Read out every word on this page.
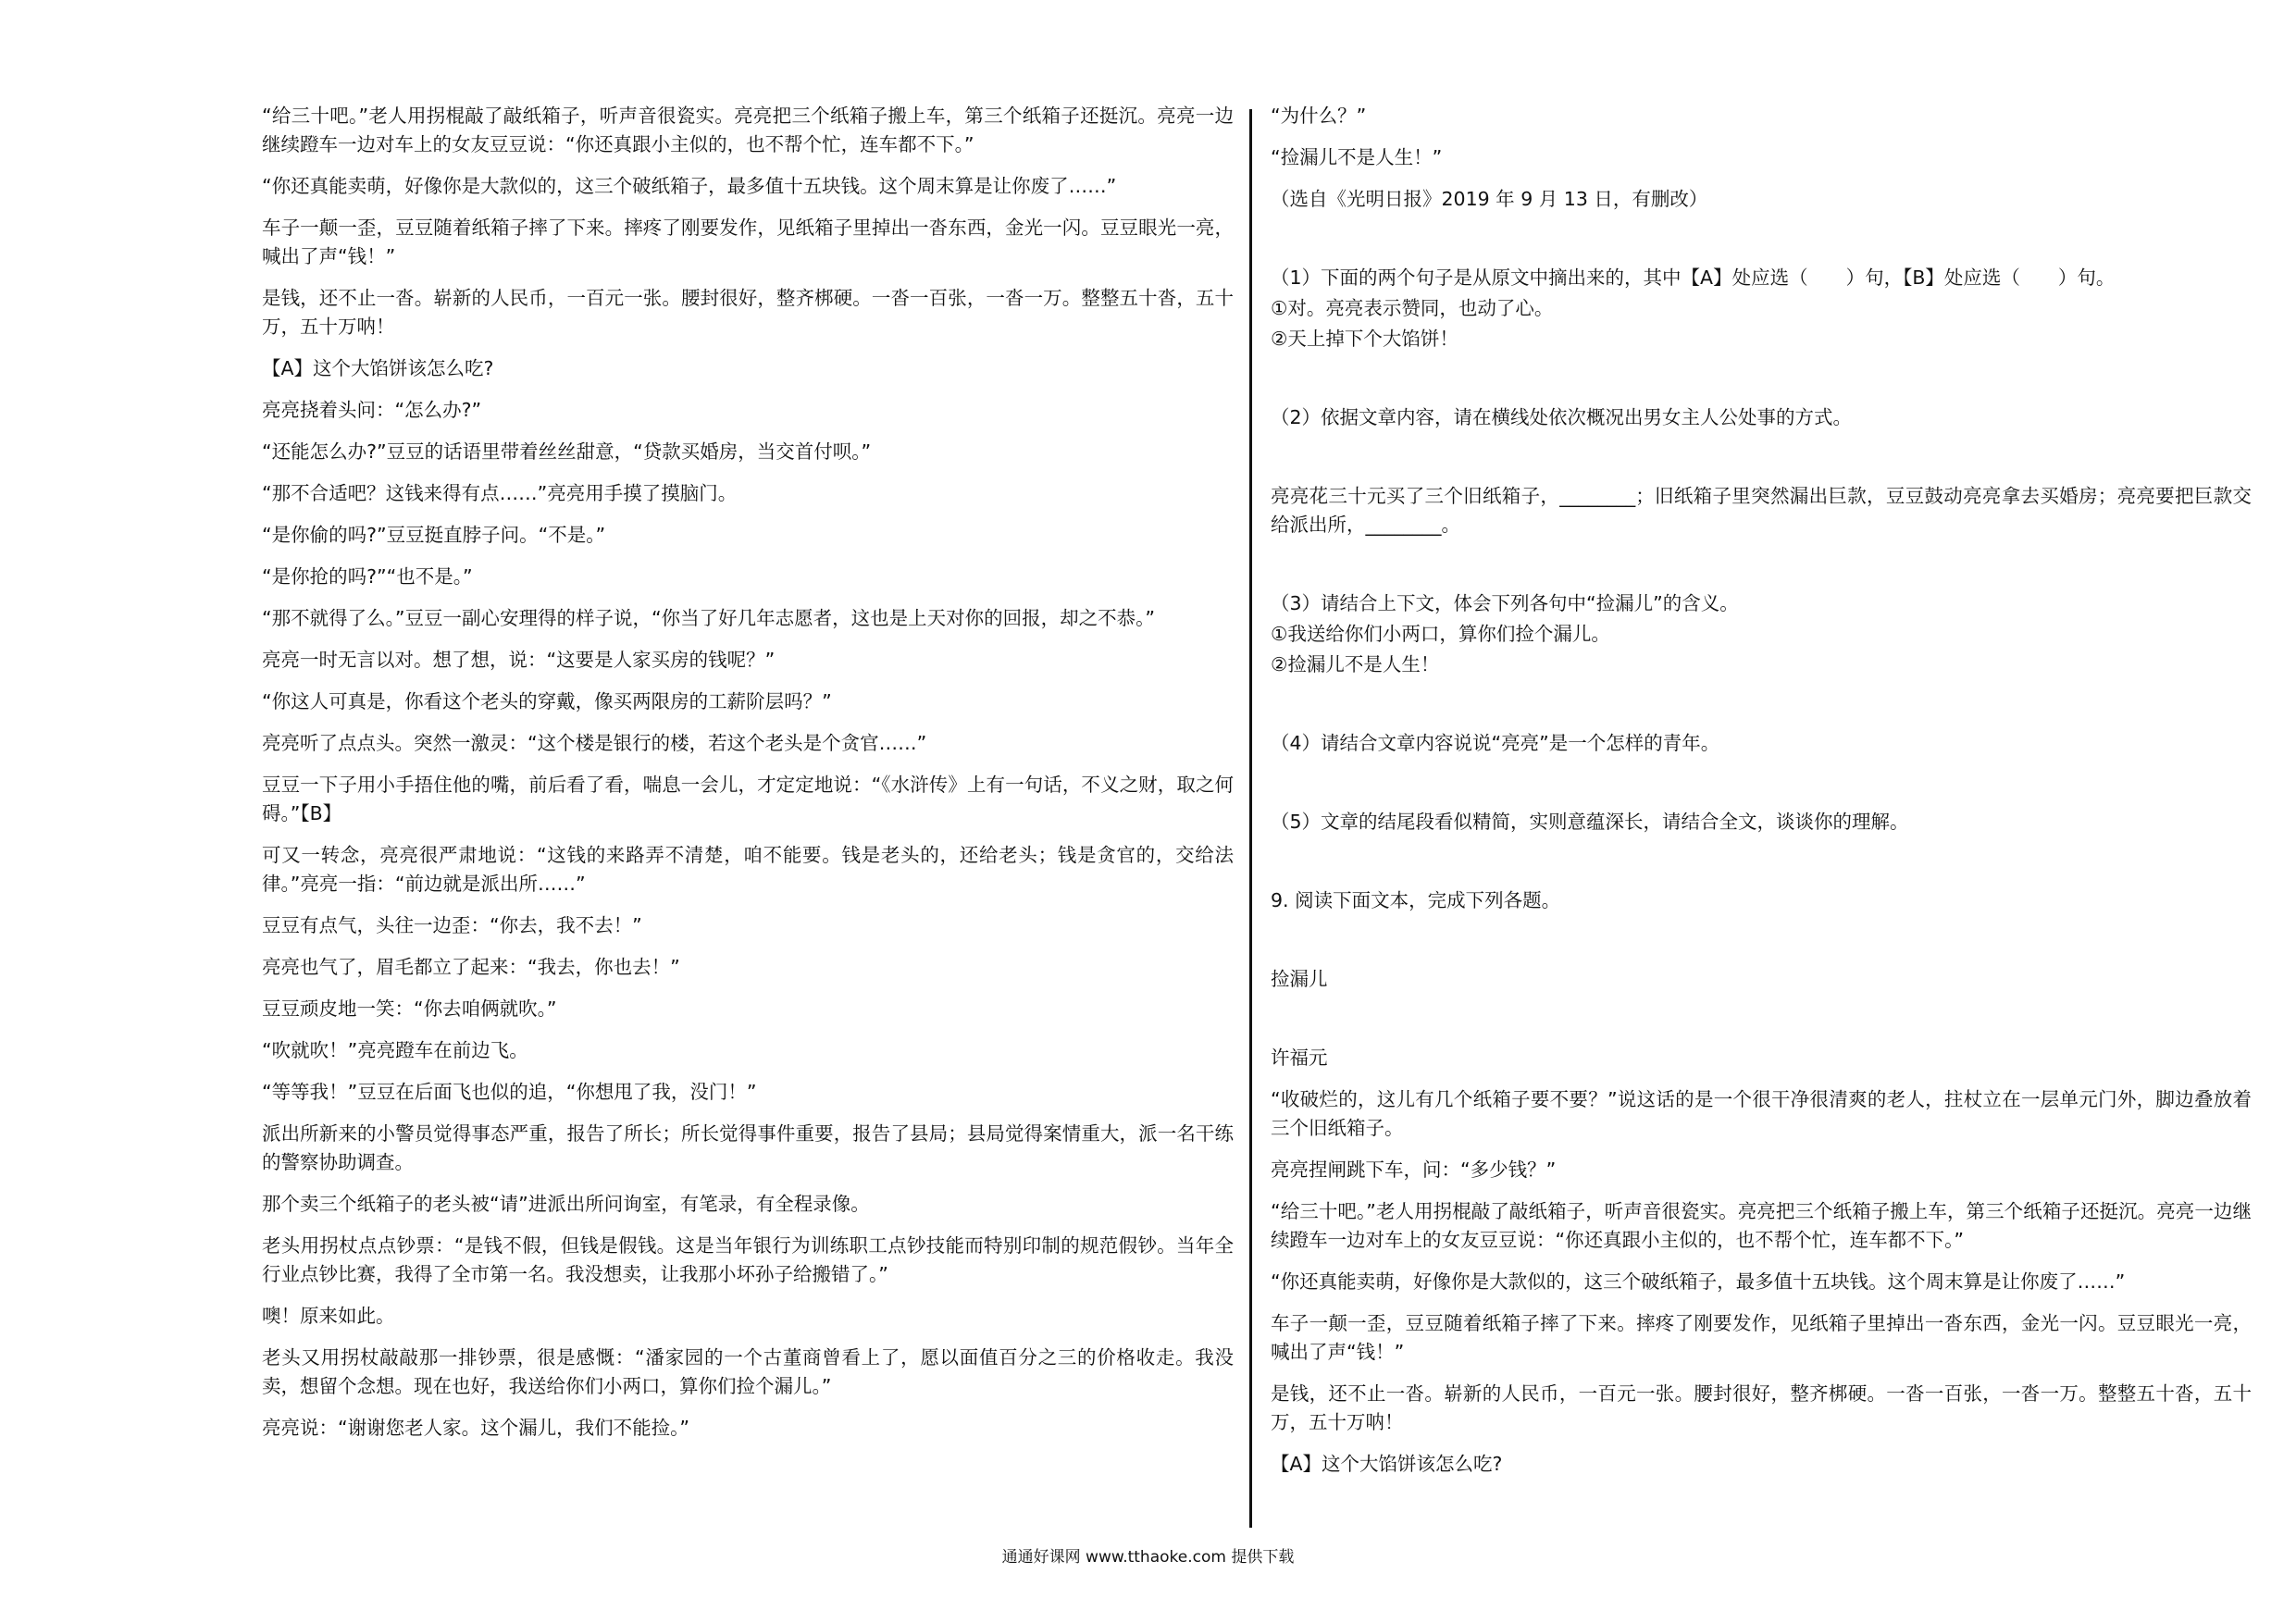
“给三十吧。”老人用拐棍敲了敲纸箱子，听声音很瓷实。亮亮把三个纸箱子搬上车，第三个纸箱子还挺沉。亮亮一边继续蹬车一边对车上的女友豆豆说：“你还真跟小主似的，也不帮个忙，连车都不下。”

“你还真能卖萌，好像你是大款似的，这三个破纸箱子，最多值十五块钱。这个周末算是让你废了……”

车子一颠一歪，豆豆随着纸箱子摔了下来。摔疼了刚要发作，见纸箱子里掉出一沓东西，金光一闪。豆豆眼光一亮，喊出了声“钱！”

是钱，还不止一沓。崭新的人民币，一百元一张。腰封很好，整齐梆硬。一沓一百张，一沓一万。整整五十沓，五十万，五十万呐！

【A】这个大馅饼该怎么吃?

亮亮挠着头问：“怎么办?”

“还能怎么办?”豆豆的话语里带着丝丝甜意，“贷款买婚房，当交首付呗。”

“那不合适吧？这钱来得有点……”亮亮用手摸了摸脑门。

“是你偷的吗?”豆豆挺直脖子问。“不是。”

“是你抢的吗?”“也不是。”

“那不就得了么。”豆豆一副心安理得的样子说，“你当了好几年志愿者，这也是上天对你的回报，却之不恭。”

亮亮一时无言以对。想了想，说：“这要是人家买房的钱呢？”

“你这人可真是，你看这个老头的穿戴，像买两限房的工薪阶层吗？”

亮亮听了点点头。突然一激灵：“这个楼是银行的楼，若这个老头是个贪官……”

豆豆一下子用小手捂住他的嘴，前后看了看，喘息一会儿，才定定地说：“《水浒传》上有一句话，不义之财，取之何碍。”【B】

可又一转念，亮亮很严肃地说：“这钱的来路弄不清楚，咱不能要。钱是老头的，还给老头；钱是贪官的，交给法律。”亮亮一指：“前边就是派出所……”

豆豆有点气，头往一边歪：“你去，我不去！”

亮亮也气了，眉毛都立了起来：“我去，你也去！”

豆豆顽皮地一笑：“你去咱俩就吹。”

“吹就吹！”亮亮蹬车在前边飞。

“等等我！”豆豆在后面飞也似的追，“你想甩了我，没门！”

派出所新来的小警员觉得事态严重，报告了所长；所长觉得事件重要，报告了县局；县局觉得案情重大，派一名干练的警察协助调查。

那个卖三个纸箱子的老头被“请”进派出所问询室，有笔录，有全程录像。

老头用拐杖点点钞票：“是钱不假，但钱是假钱。这是当年银行为训练职工点钞技能而特别印制的规范假钞。当年全行业点钞比赛，我得了全市第一名。我没想卖，让我那小坏孙子给搬错了。”

噢！原来如此。

老头又用拐杖敲敲那一排钞票，很是感慨：“潘家园的一个古董商曾看上了，愿以面值百分之三的价格收走。我没卖，想留个念想。现在也好，我送给你们小两口，算你们捡个漏儿。”

亮亮说：“谢谢您老人家。这个漏儿，我们不能捡。”

“为什么？”

“捡漏儿不是人生！”

（选自《光明日报》2019 年 9 月 13 日，有删改）

（1）下面的两个句子是从原文中摘出来的，其中【A】处应选（　　）句，【B】处应选（　　）句。

①对。亮亮表示赞同，也动了心。

②天上掉下个大馅饼！

（2）依据文章内容，请在横线处依次概况出男女主人公处事的方式。

亮亮花三十元买了三个旧纸箱子，________；旧纸箱子里突然漏出巨款，豆豆鼓动亮亮拿去买婚房；亮亮要把巨款交给派出所，________。

（3）请结合上下文，体会下列各句中“捡漏儿”的含义。

①我送给你们小两口，算你们捡个漏儿。

②捡漏儿不是人生！

（4）请结合文章内容说说“亮亮”是一个怎样的青年。

（5）文章的结尾段看似精简，实则意蕴深长，请结合全文，谈谈你的理解。

9. 阅读下面文本，完成下列各题。

捡漏儿

许福元

“收破烂的，这儿有几个纸箱子要不要？”说这话的是一个很干净很清爽的老人，拄杖立在一层单元门外，脚边叠放着三个旧纸箱子。

亮亮捏闸跳下车，问：“多少钱？”

“给三十吧。”老人用拐棍敲了敲纸箱子，听声音很瓷实。亮亮把三个纸箱子搬上车，第三个纸箱子还挺沉。亮亮一边继续蹬车一边对车上的女友豆豆说：“你还真跟小主似的，也不帮个忙，连车都不下。”

“你还真能卖萌，好像你是大款似的，这三个破纸箱子，最多值十五块钱。这个周末算是让你废了……”

车子一颠一歪，豆豆随着纸箱子摔了下来。摔疼了刚要发作，见纸箱子里掉出一沓东西，金光一闪。豆豆眼光一亮，喊出了声“钱！”

是钱，还不止一沓。崭新的人民币，一百元一张。腰封很好，整齐梆硬。一沓一百张，一沓一万。整整五十沓，五十万，五十万呐！

【A】这个大馅饼该怎么吃?

通通好课网 www.tthaoke.com 提供下载
